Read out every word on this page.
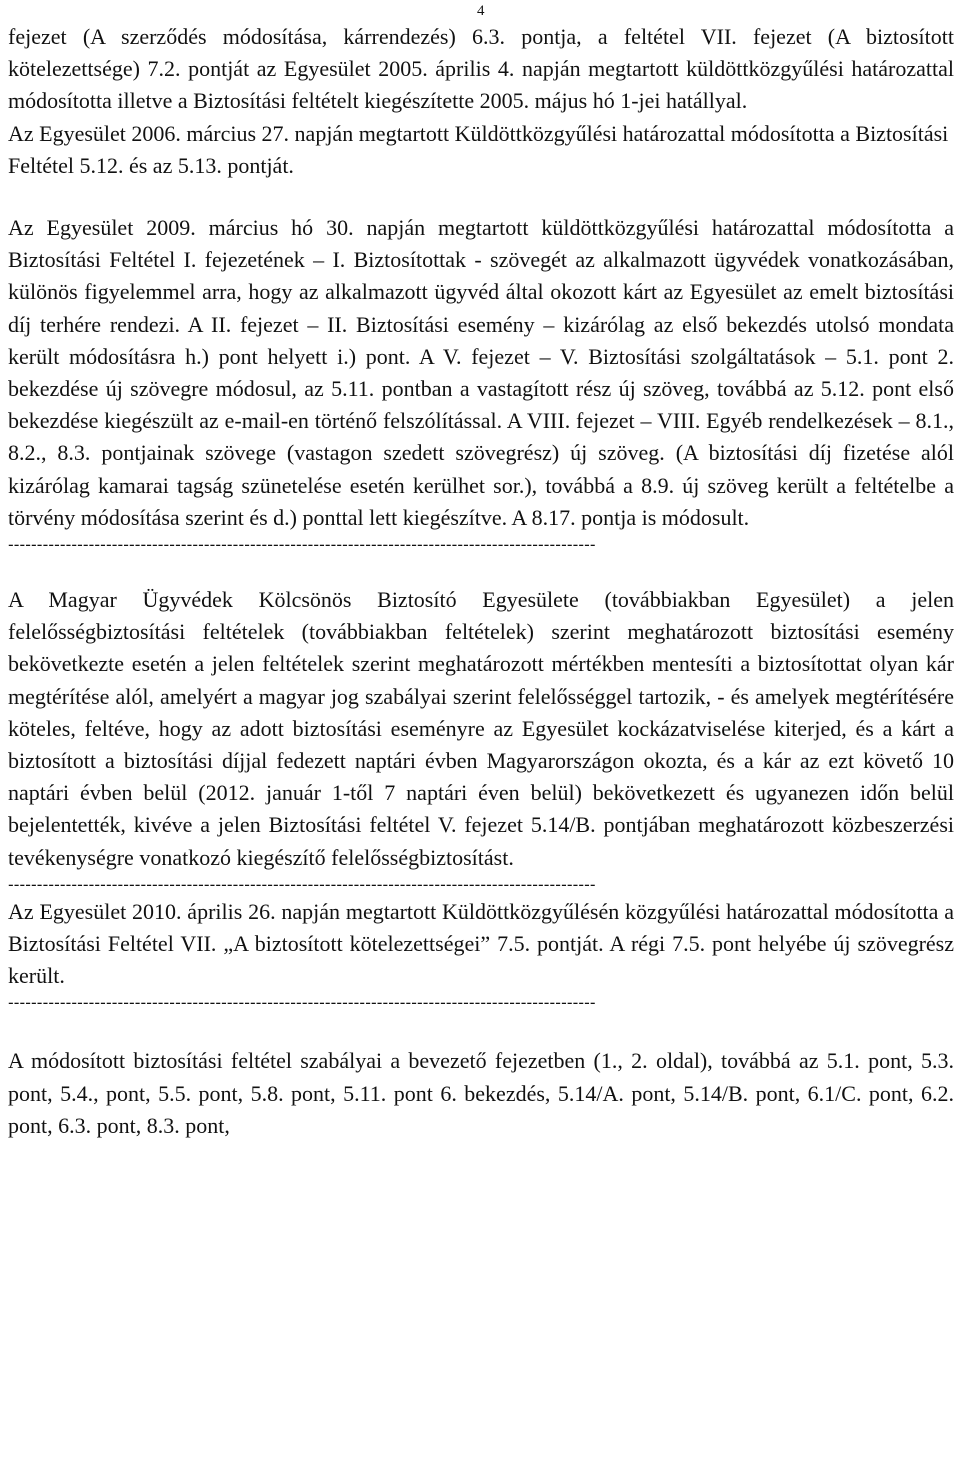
4

fejezet (A szerződés módosítása, kárrendezés) 6.3. pontja, a feltétel VII. fejezet (A biztosított kötelezettsége) 7.2. pontját az Egyesület 2005. április 4. napján megtartott küldöttközgyűlési határozattal módosította illetve a Biztosítási feltételt kiegészítette 2005. május hó 1-jei hatállyal.

Az Egyesület 2006. március 27. napján megtartott Küldöttközgyűlési határozattal módosította a Biztosítási Feltétel 5.12. és az 5.13. pontját.

Az Egyesület 2009. március hó 30. napján megtartott küldöttközgyűlési határozattal módosította a Biztosítási Feltétel I. fejezetének – I. Biztosítottak - szövegét az alkalmazott ügyvédek vonatkozásában, különös figyelemmel arra, hogy az alkalmazott ügyvéd által okozott kárt az Egyesület az emelt biztosítási díj terhére rendezi. A II. fejezet – II. Biztosítási esemény – kizárólag az első bekezdés utolsó mondata került módosításra h.) pont helyett i.) pont. A V. fejezet – V. Biztosítási szolgáltatások – 5.1. pont 2. bekezdése új szövegre módosul, az 5.11. pontban a vastagított rész új szöveg, továbbá az 5.12. pont első bekezdése kiegészült az e-mail-en történő felszólítással. A VIII. fejezet – VIII. Egyéb rendelkezések – 8.1., 8.2., 8.3. pontjainak szövege (vastagon szedett szövegrész) új szöveg. (A biztosítási díj fizetése alól kizárólag kamarai tagság szünetelése esetén kerülhet sor.), továbbá a 8.9. új szöveg került a feltételbe a törvény módosítása szerint és d.) ponttal lett kiegészítve. A 8.17. pontja is módosult.

------------------------------------------------------------------------------------------------------

A Magyar Ügyvédek Kölcsönös Biztosító Egyesülete (továbbiakban Egyesület) a jelen felelősségbiztosítási feltételek (továbbiakban feltételek) szerint meghatározott biztosítási esemény bekövetkezte esetén a jelen feltételek szerint meghatározott mértékben mentesíti a biztosítottat olyan kár megtérítése alól, amelyért a magyar jog szabályai szerint felelősséggel tartozik, - és amelyek megtérítésére köteles, feltéve, hogy az adott biztosítási eseményre az Egyesület kockázatviselése kiterjed, és a kárt a biztosított a biztosítási díjjal fedezett naptári évben Magyarországon okozta, és a kár az ezt követő 10 naptári évben belül (2012. január 1-től 7 naptári éven belül) bekövetkezett és ugyanezen időn belül bejelentették, kivéve a jelen Biztosítási feltétel V. fejezet 5.14/B. pontjában meghatározott közbeszerzési tevékenységre vonatkozó kiegészítő felelősségbiztosítást.

------------------------------------------------------------------------------------------------------

Az Egyesület 2010. április 26. napján megtartott Küldöttközgyűlésén közgyűlési határozattal módosította a Biztosítási Feltétel VII. „A biztosított kötelezettségei” 7.5. pontját. A régi 7.5. pont helyébe új szövegrész került.

------------------------------------------------------------------------------------------------------

A módosított biztosítási feltétel szabályai a bevezető fejezetben (1., 2. oldal), továbbá az 5.1. pont, 5.3. pont, 5.4., pont, 5.5. pont, 5.8. pont, 5.11. pont 6. bekezdés, 5.14/A. pont, 5.14/B. pont, 6.1/C. pont, 6.2. pont, 6.3. pont, 8.3. pont,
